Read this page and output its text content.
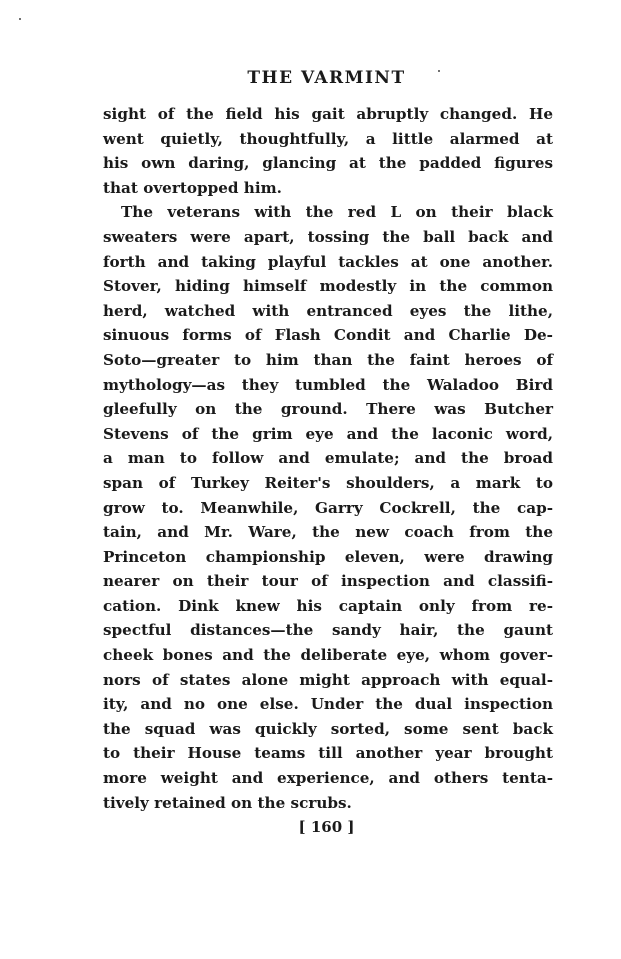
THE VARMINT
sight of the field his gait abruptly changed. He
went quietly, thoughtfully, a little alarmed at
his own daring, glancing at the padded figures
that overtopped him.
The veterans with the red L on their black
sweaters were apart, tossing the ball back and
forth and taking playful tackles at one another.
Stover, hiding himself modestly in the common
herd, watched with entranced eyes the lithe,
sinuous forms of Flash Condit and Charlie De-
Soto—greater to him than the faint heroes of
mythology—as they tumbled the Waladoo Bird
gleefully on the ground. There was Butcher
Stevens of the grim eye and the laconic word,
a man to follow and emulate; and the broad
span of Turkey Reiter's shoulders, a mark to
grow to. Meanwhile, Garry Cockrell, the cap-
tain, and Mr. Ware, the new coach from the
Princeton championship eleven, were drawing
nearer on their tour of inspection and classifi-
cation. Dink knew his captain only from re-
spectful distances—the sandy hair, the gaunt
cheek bones and the deliberate eye, whom gover-
nors of states alone might approach with equal-
ity, and no one else. Under the dual inspection
the squad was quickly sorted, some sent back
to their House teams till another year brought
more weight and experience, and others tenta-
tively retained on the scrubs.
[ 160 ]
